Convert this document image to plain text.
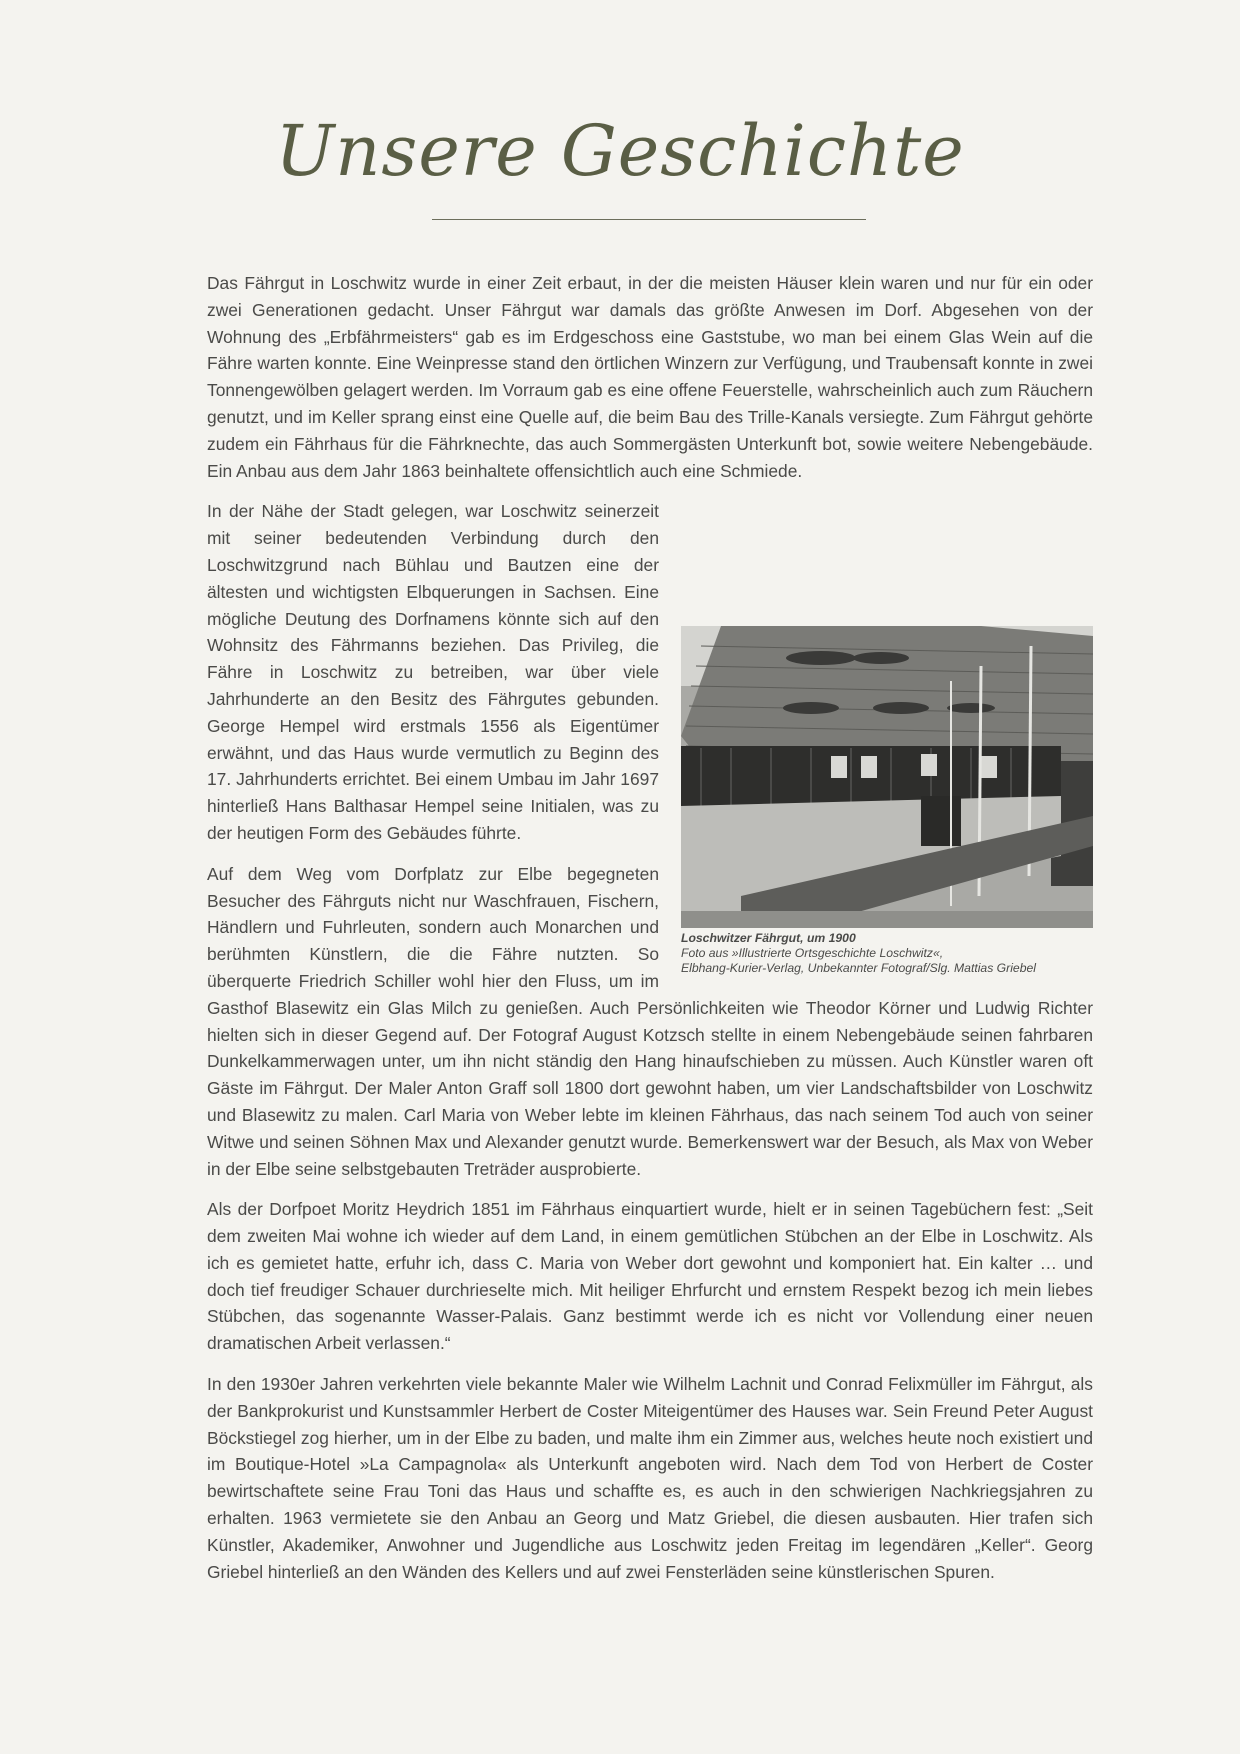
Unsere Geschichte

Das Fährgut in Loschwitz wurde in einer Zeit erbaut, in der die meisten Häuser klein waren und nur für ein oder zwei Generationen gedacht. Unser Fährgut war damals das größte Anwesen im Dorf. Abgesehen von der Wohnung des „Erbfährmeisters“ gab es im Erdgeschoss eine Gaststube, wo man bei einem Glas Wein auf die Fähre warten konnte. Eine Weinpresse stand den örtlichen Winzern zur Verfügung, und Traubensaft konnte in zwei Tonnengewölben gelagert werden. Im Vorraum gab es eine offene Feuerstelle, wahrscheinlich auch zum Räuchern genutzt, und im Keller sprang einst eine Quelle auf, die beim Bau des Trille-Kanals versiegte. Zum Fährgut gehörte zudem ein Fährhaus für die Fährknechte, das auch Sommergästen Unterkunft bot, sowie weitere Nebengebäude. Ein Anbau aus dem Jahr 1863 beinhaltete offensichtlich auch eine Schmiede.

Loschwitzer Fährgut, um 1900
Foto aus »Illustrierte Ortsgeschichte Loschwitz«,
Elbhang-Kurier-Verlag, Unbekannter Fotograf/Slg. Mattias Griebel

In der Nähe der Stadt gelegen, war Loschwitz seinerzeit mit seiner bedeutenden Verbindung durch den Loschwitzgrund nach Bühlau und Bautzen eine der ältesten und wichtigsten Elbquerungen in Sachsen. Eine mögliche Deutung des Dorfnamens könnte sich auf den Wohnsitz des Fährmanns beziehen. Das Privileg, die Fähre in Loschwitz zu betreiben, war über viele Jahrhunderte an den Besitz des Fährgutes gebunden. George Hempel wird erstmals 1556 als Eigentümer erwähnt, und das Haus wurde vermutlich zu Beginn des 17. Jahrhunderts errichtet. Bei einem Umbau im Jahr 1697 hinterließ Hans Balthasar Hempel seine Initialen, was zu der heutigen Form des Gebäudes führte.

Auf dem Weg vom Dorfplatz zur Elbe begegneten Besucher des Fährguts nicht nur Waschfrauen, Fischern, Händlern und Fuhrleuten, sondern auch Monarchen und berühmten Künstlern, die die Fähre nutzten. So überquerte Friedrich Schiller wohl hier den Fluss, um im Gasthof Blasewitz ein Glas Milch zu genießen. Auch Persönlichkeiten wie Theodor Körner und Ludwig Richter hielten sich in dieser Gegend auf. Der Fotograf August Kotzsch stellte in einem Nebengebäude seinen fahrbaren Dunkelkammerwagen unter, um ihn nicht ständig den Hang hinaufschieben zu müssen. Auch Künstler waren oft Gäste im Fährgut. Der Maler Anton Graff soll 1800 dort gewohnt haben, um vier Landschaftsbilder von Loschwitz und Blasewitz zu malen. Carl Maria von Weber lebte im kleinen Fährhaus, das nach seinem Tod auch von seiner Witwe und seinen Söhnen Max und Alexander genutzt wurde. Bemerkenswert war der Besuch, als Max von Weber in der Elbe seine selbstgebauten Treträder ausprobierte.

Als der Dorfpoet Moritz Heydrich 1851 im Fährhaus einquartiert wurde, hielt er in seinen Tagebüchern fest: „Seit dem zweiten Mai wohne ich wieder auf dem Land, in einem gemütlichen Stübchen an der Elbe in Loschwitz. Als ich es gemietet hatte, erfuhr ich, dass C. Maria von Weber dort gewohnt und komponiert hat. Ein kalter … und doch tief freudiger Schauer durchrieselte mich. Mit heiliger Ehrfurcht und ernstem Respekt bezog ich mein liebes Stübchen, das sogenannte Wasser-Palais. Ganz bestimmt werde ich es nicht vor Vollendung einer neuen dramatischen Arbeit verlassen.“

In den 1930er Jahren verkehrten viele bekannte Maler wie Wilhelm Lachnit und Conrad Felixmüller im Fährgut, als der Bankprokurist und Kunstsammler Herbert de Coster Miteigentümer des Hauses war. Sein Freund Peter August Böckstiegel zog hierher, um in der Elbe zu baden, und malte ihm ein Zimmer aus, welches heute noch existiert und im Boutique-Hotel »La Campagnola« als Unterkunft angeboten wird. Nach dem Tod von Herbert de Coster bewirtschaftete seine Frau Toni das Haus und schaffte es, es auch in den schwierigen Nachkriegsjahren zu erhalten. 1963 vermietete sie den Anbau an Georg und Matz Griebel, die diesen ausbauten. Hier trafen sich Künstler, Akademiker, Anwohner und Jugendliche aus Loschwitz jeden Freitag im legendären „Keller“. Georg Griebel hinterließ an den Wänden des Kellers und auf zwei Fensterläden seine künstlerischen Spuren.
